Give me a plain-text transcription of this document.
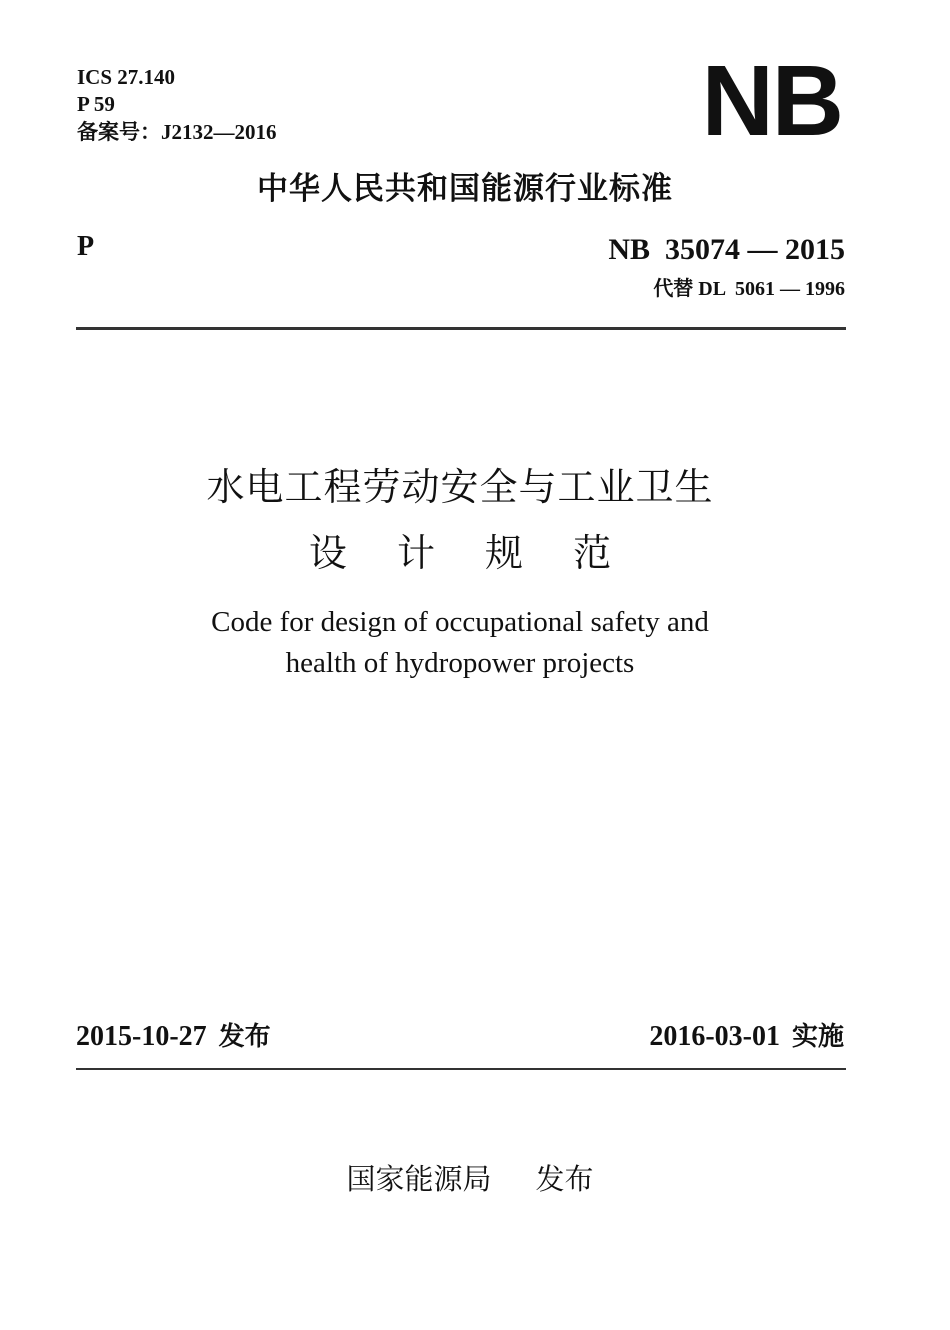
ICS 27.140
P 59
备案号：J2132—2016	NB
中华人民共和国能源行业标准
P	NB  35074 — 2015
代替 DL  5061 — 1996
水电工程劳动安全与工业卫生
设 计 规 范
Code for design of occupational safety and
health of hydropower projects
2015-10-27 发布	2016-03-01 实施
国家能源局 发布
